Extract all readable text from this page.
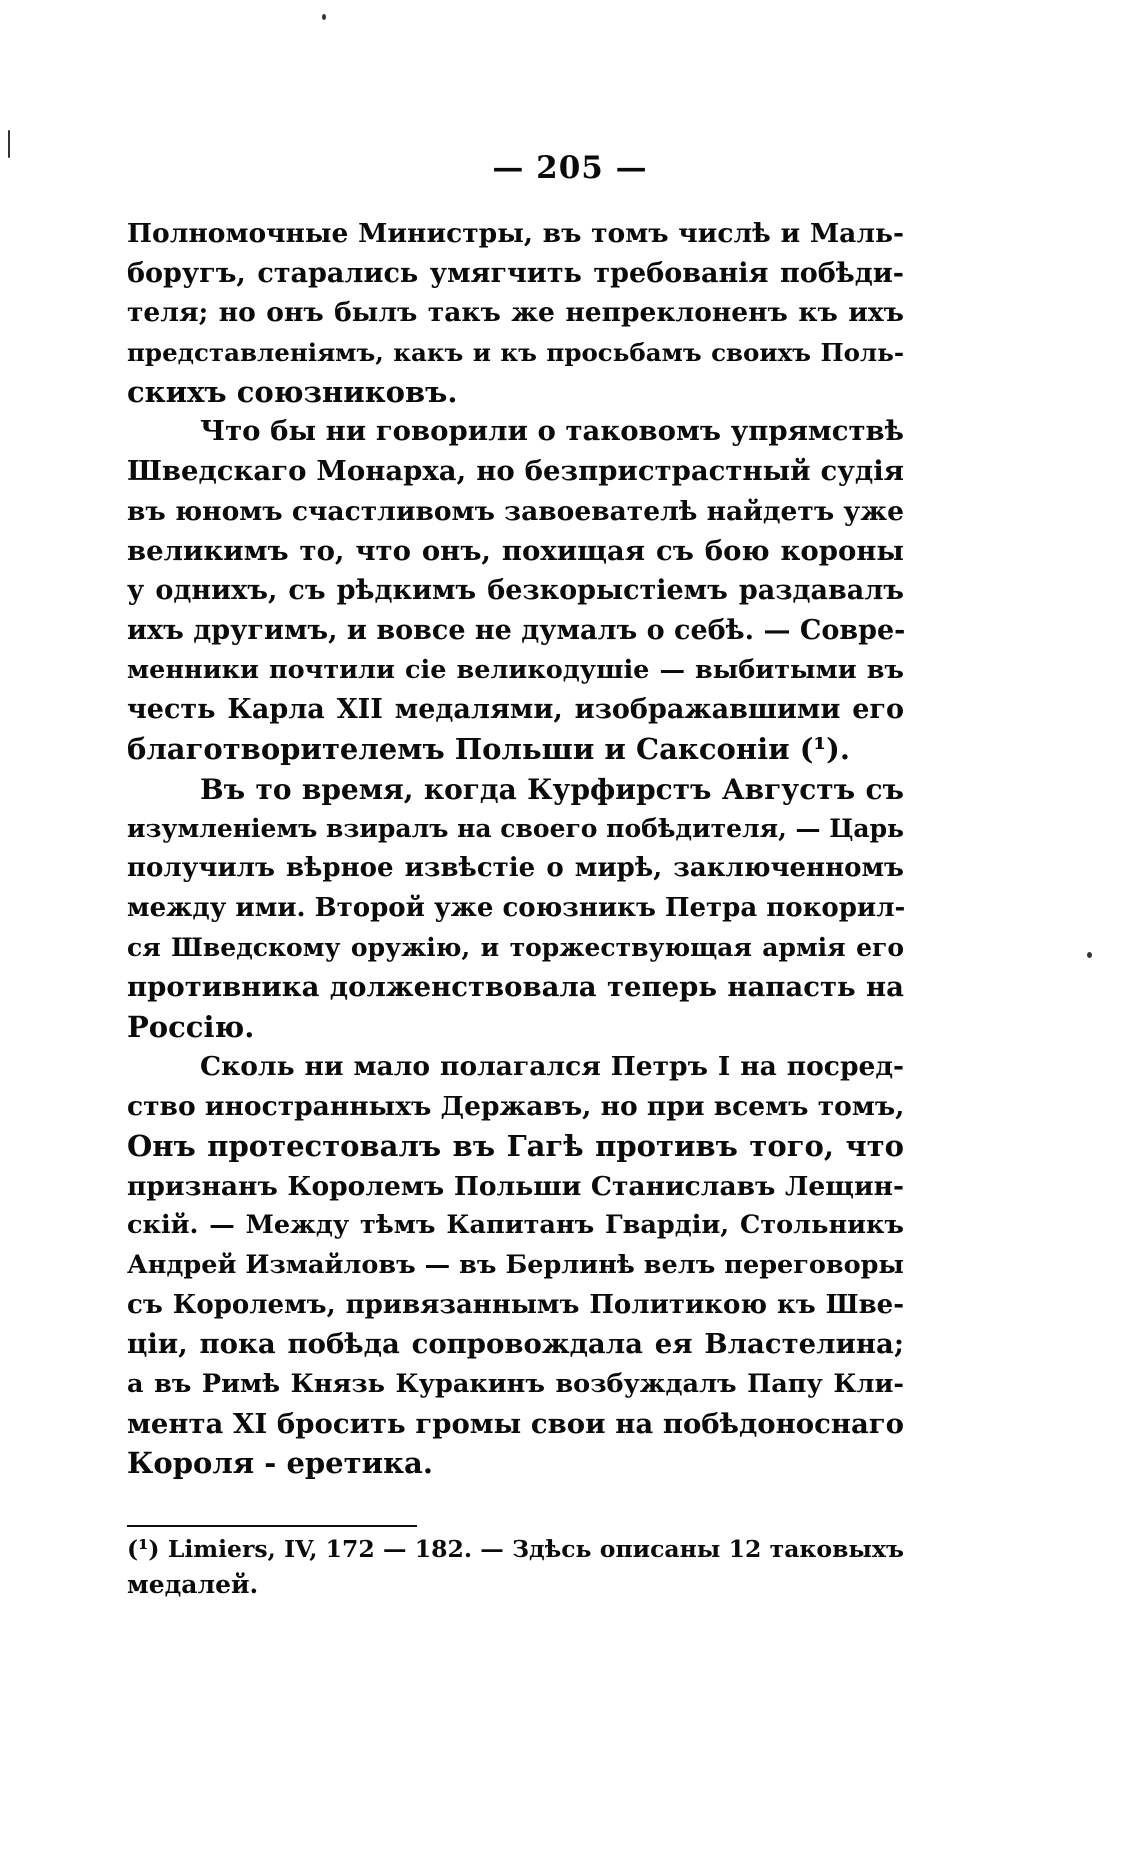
— 205 —
Полномочные Министры, въ томъ числѣ и Маль-
боругъ, старались умягчить требованія побѣди-
теля; но онъ былъ такъ же непреклоненъ къ ихъ
представленіямъ, какъ и къ просьбамъ своихъ Поль-
скихъ союзниковъ.
Что бы ни говорили о таковомъ упрямствѣ
Шведскаго Монарха, но безпристрастный судія
въ юномъ счастливомъ завоевателѣ найдетъ уже
великимъ то, что онъ, похищая съ бою короны
у однихъ, съ рѣдкимъ безкорыстіемъ раздавалъ
ихъ другимъ, и вовсе не думалъ о себѣ. — Совре-
менники почтили сіе великодушіе — выбитыми въ
честь Карла XII медалями, изображавшими его
благотворителемъ Польши и Саксоніи (¹).
Въ то время, когда Курфирстъ Августъ съ
изумленіемъ взиралъ на своего побѣдителя, — Царь
получилъ вѣрное извѣстіе о мирѣ, заключенномъ
между ими. Второй уже союзникъ Петра покорил-
ся Шведскому оружію, и торжествующая армія его
противника долженствовала теперь напасть на
Россію.
Сколь ни мало полагался Петръ I на посред-
ство иностранныхъ Державъ, но при всемъ томъ,
Онъ протестовалъ въ Гагѣ противъ того, что
признанъ Королемъ Польши Станиславъ Лещин-
скій. — Между тѣмъ Капитанъ Гвардіи, Стольникъ
Андрей Измайловъ — въ Берлинѣ велъ переговоры
съ Королемъ, привязаннымъ Политикою къ Шве-
ціи, пока побѣда сопровождала ея Властелина;
а въ Римѣ Князь Куракинъ возбуждалъ Папу Кли-
мента XI бросить громы свои на побѣдоноснаго
Короля - еретика.
(¹) Limiers, IV, 172 — 182. — Здѣсь описаны 12 таковыхъ
медалей.
